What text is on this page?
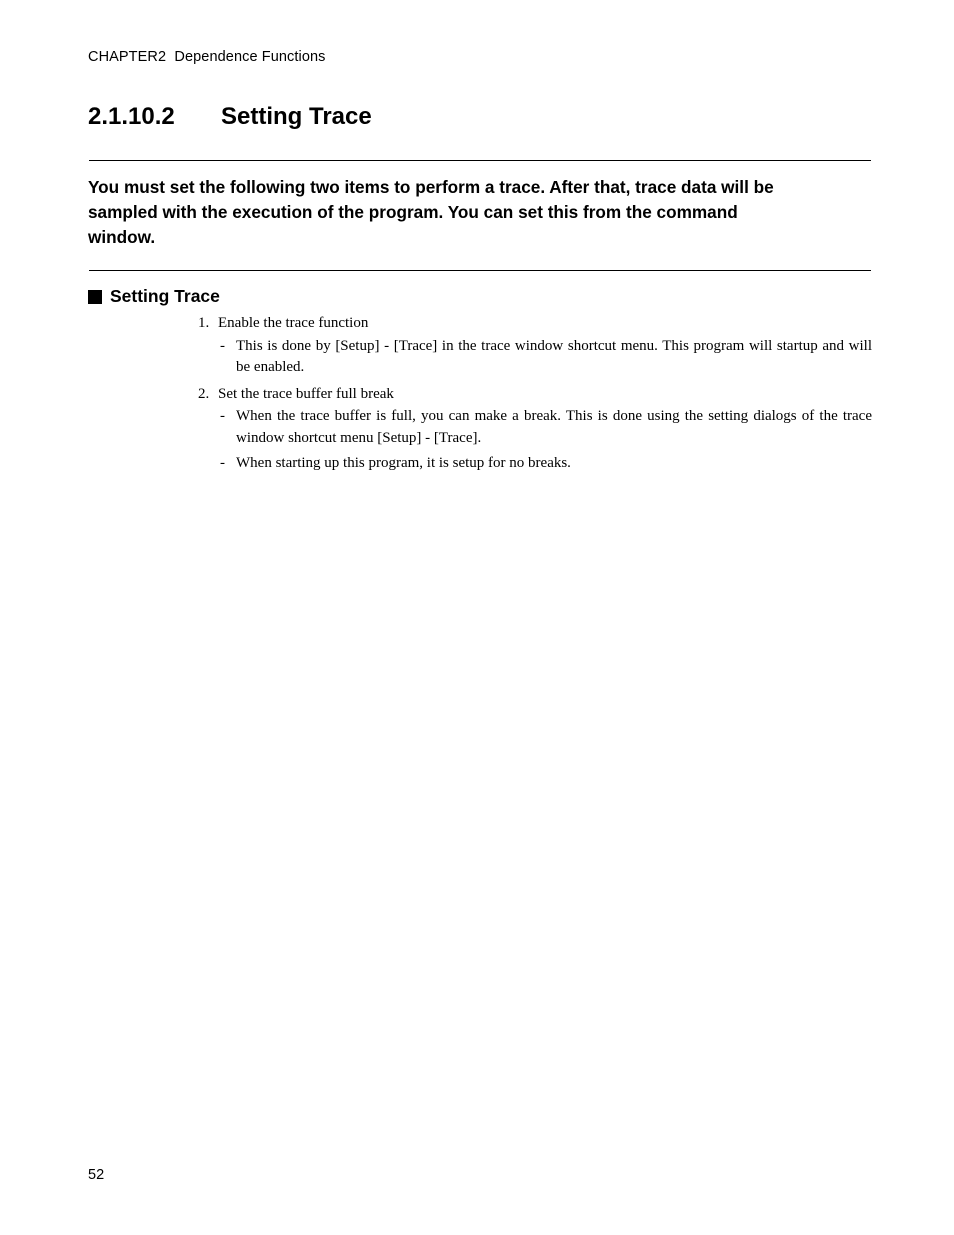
CHAPTER2  Dependence Functions
2.1.10.2	Setting Trace
You must set the following two items to perform a trace. After that, trace data will be
sampled with the execution of the program. You can set this from the command
window.
Setting Trace
1. Enable the trace function
- This is done by [Setup] - [Trace] in the trace window shortcut menu. This program will startup and will be enabled.
2. Set the trace buffer full break
- When the trace buffer is full, you can make a break. This is done using the setting dialogs of the trace window shortcut menu [Setup] - [Trace].
- When starting up this program, it is setup for no breaks.
52
